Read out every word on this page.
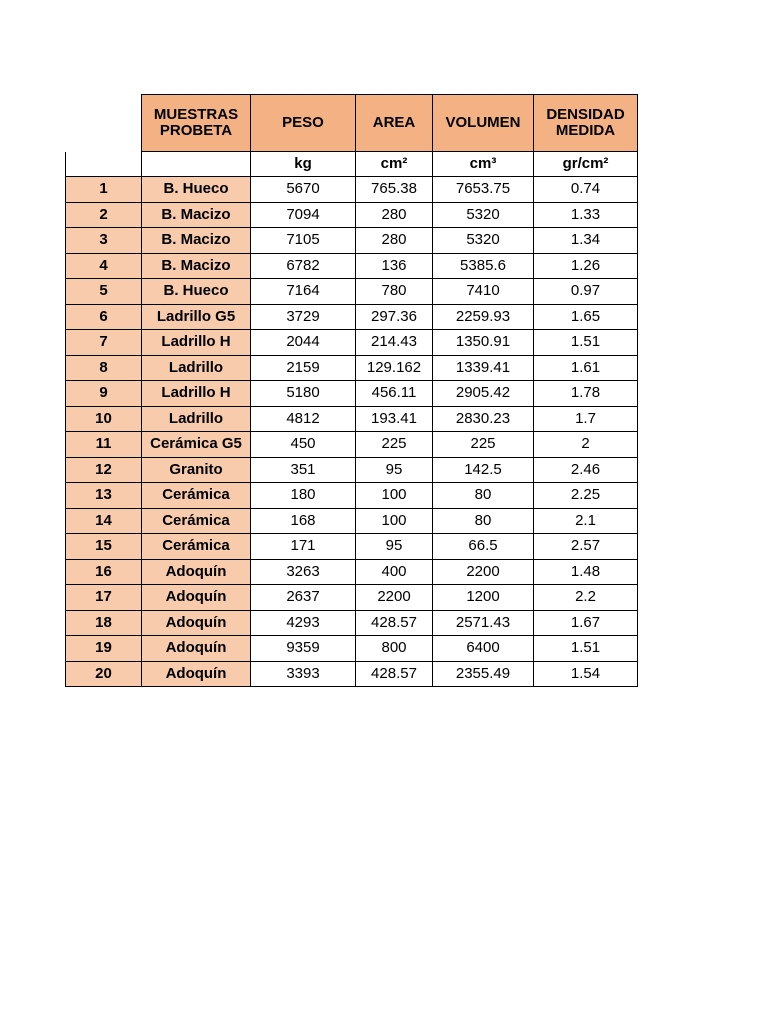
	MUESTRAS PROBETA	PESO	AREA	VOLUMEN	DENSIDAD MEDIDA
		kg	cm²	cm³	gr/cm²
1	B. Hueco	5670	765.38	7653.75	0.74
2	B. Macizo	7094	280	5320	1.33
3	B. Macizo	7105	280	5320	1.34
4	B. Macizo	6782	136	5385.6	1.26
5	B. Hueco	7164	780	7410	0.97
6	Ladrillo G5	3729	297.36	2259.93	1.65
7	Ladrillo H	2044	214.43	1350.91	1.51
8	Ladrillo	2159	129.162	1339.41	1.61
9	Ladrillo H	5180	456.11	2905.42	1.78
10	Ladrillo	4812	193.41	2830.23	1.7
11	Cerámica G5	450	225	225	2
12	Granito	351	95	142.5	2.46
13	Cerámica	180	100	80	2.25
14	Cerámica	168	100	80	2.1
15	Cerámica	171	95	66.5	2.57
16	Adoquín	3263	400	2200	1.48
17	Adoquín	2637	2200	1200	2.2
18	Adoquín	4293	428.57	2571.43	1.67
19	Adoquín	9359	800	6400	1.51
20	Adoquín	3393	428.57	2355.49	1.54
